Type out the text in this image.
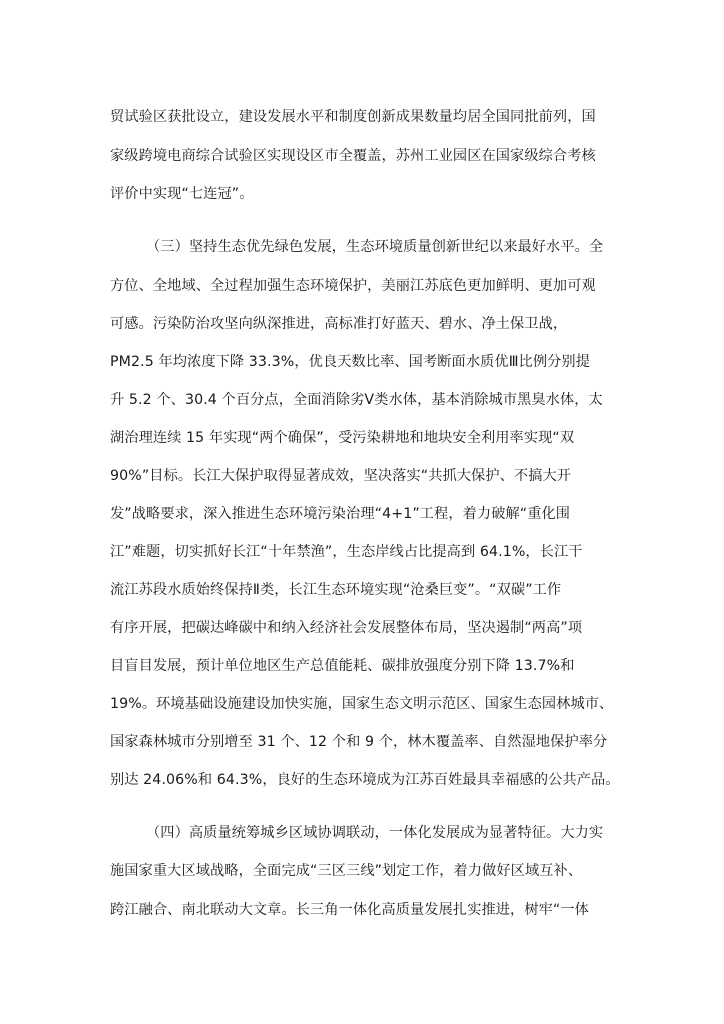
贸试验区获批设立，建设发展水平和制度创新成果数量均居全国同批前列，国
家级跨境电商综合试验区实现设区市全覆盖，苏州工业园区在国家级综合考核
评价中实现“七连冠”。
（三）坚持生态优先绿色发展，生态环境质量创新世纪以来最好水平。全
方位、全地域、全过程加强生态环境保护，美丽江苏底色更加鲜明、更加可观
可感。污染防治攻坚向纵深推进，高标准打好蓝天、碧水、净土保卫战，
PM2.5 年均浓度下降 33.3%，优良天数比率、国考断面水质优Ⅲ比例分别提
升 5.2 个、30.4 个百分点，全面消除劣Ⅴ类水体，基本消除城市黑臭水体，太
湖治理连续 15 年实现“两个确保”，受污染耕地和地块安全利用率实现“双
90%”目标。长江大保护取得显著成效，坚决落实“共抓大保护、不搞大开
发”战略要求，深入推进生态环境污染治理“4+1”工程，着力破解“重化围
江”难题，切实抓好长江“十年禁渔”，生态岸线占比提高到 64.1%，长江干
流江苏段水质始终保持Ⅱ类，长江生态环境实现“沧桑巨变”。“双碳”工作
有序开展，把碳达峰碳中和纳入经济社会发展整体布局，坚决遏制“两高”项
目盲目发展，预计单位地区生产总值能耗、碳排放强度分别下降 13.7%和
19%。环境基础设施建设加快实施，国家生态文明示范区、国家生态园林城市、
国家森林城市分别增至 31 个、12 个和 9 个，林木覆盖率、自然湿地保护率分
别达 24.06%和 64.3%，良好的生态环境成为江苏百姓最具幸福感的公共产品。
（四）高质量统筹城乡区域协调联动，一体化发展成为显著特征。大力实
施国家重大区域战略，全面完成“三区三线”划定工作，着力做好区域互补、
跨江融合、南北联动大文章。长三角一体化高质量发展扎实推进，树牢“一体
